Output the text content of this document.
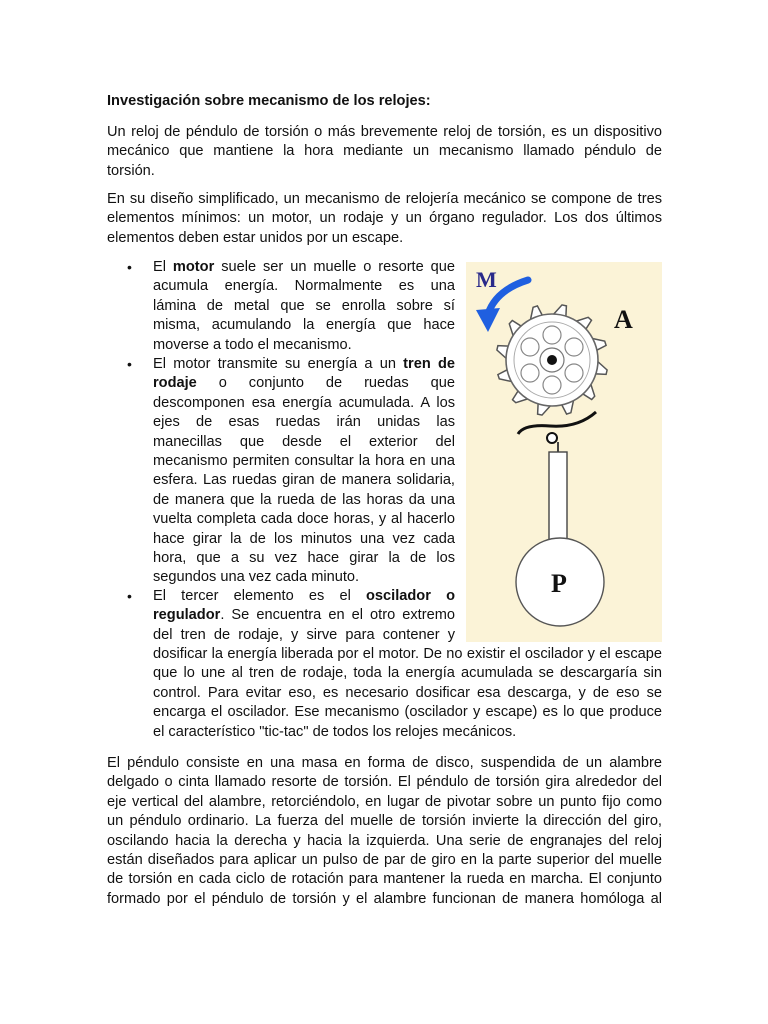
Investigación sobre mecanismo de los relojes:
Un reloj de péndulo de torsión o más brevemente reloj de torsión, es un dispositivo
mecánico que mantiene la hora mediante un mecanismo llamado péndulo de
torsión.
En su diseño simplificado, un mecanismo de relojería mecánico se compone de tres
elementos mínimos: un motor, un rodaje y un órgano regulador. Los dos últimos
elementos deben estar unidos por un escape.
• El motor suele ser un muelle o resorte que
acumula energía. Normalmente es una
lámina de metal que se enrolla sobre sí
misma, acumulando la energía que hace
moverse a todo el mecanismo.
• El motor transmite su energía a un tren de
rodaje o conjunto de ruedas que
descomponen esa energía acumulada. A los
ejes de esas ruedas irán unidas las
manecillas que desde el exterior del
mecanismo permiten consultar la hora en una
esfera. Las ruedas giran de manera solidaria,
de manera que la rueda de las horas da una
vuelta completa cada doce horas, y al hacerlo
hace girar la de los minutos una vez cada
hora, que a su vez hace girar la de los
segundos una vez cada minuto.
• El tercer elemento es el oscilador o
regulador. Se encuentra en el otro extremo
del tren de rodaje, y sirve para contener y
dosificar la energía liberada por el motor. De no existir el oscilador y el escape
que lo une al tren de rodaje, toda la energía acumulada se descargaría sin
control. Para evitar eso, es necesario dosificar esa descarga, y de eso se
encarga el oscilador. Ese mecanismo (oscilador y escape) es lo que produce
el característico "tic-tac" de todos los relojes mecánicos.
El péndulo consiste en una masa en forma de disco, suspendida de un alambre
delgado o cinta llamado resorte de torsión. El péndulo de torsión gira alrededor del
eje vertical del alambre, retorciéndolo, en lugar de pivotar sobre un punto fijo como
un péndulo ordinario. La fuerza del muelle de torsión invierte la dirección del giro,
oscilando hacia la derecha y hacia la izquierda. Una serie de engranajes del reloj
están diseñados para aplicar un pulso de par de giro en la parte superior del muelle
de torsión en cada ciclo de rotación para mantener la rueda en marcha. El conjunto
formado por el péndulo de torsión y el alambre funcionan de manera homóloga al
M
A
P
